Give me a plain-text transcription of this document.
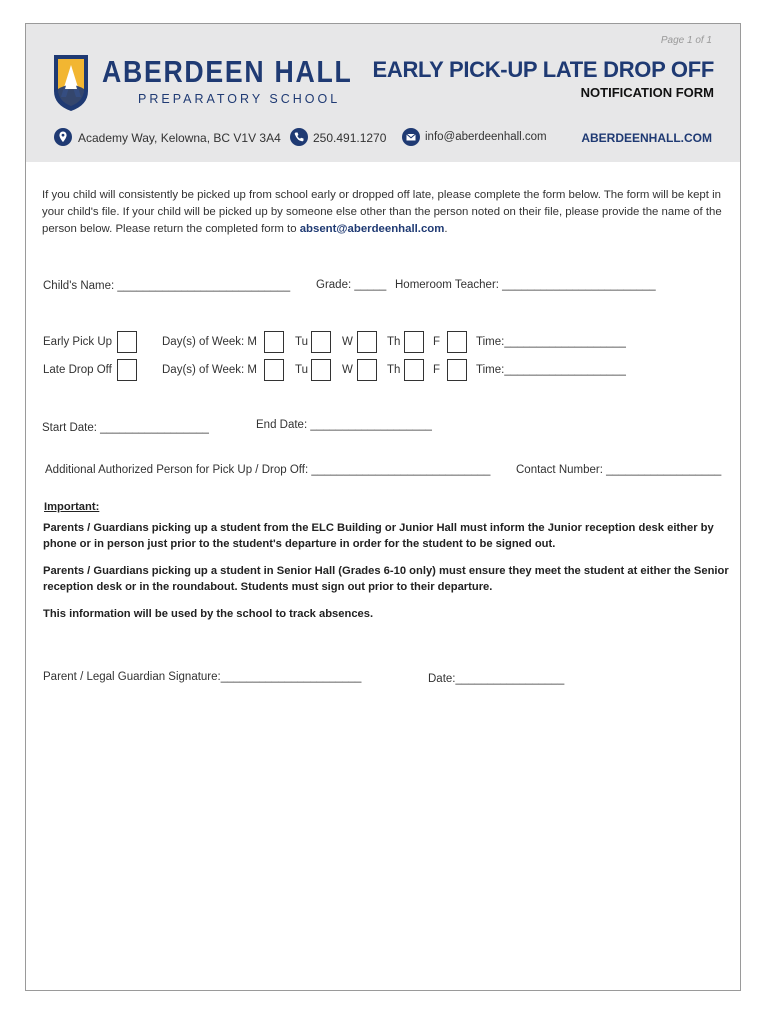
Page 1 of 1
ABERDEEN HALL
PREPARATORY SCHOOL
EARLY PICK-UP LATE DROP OFF
NOTIFICATION FORM
Academy Way, Kelowna, BC V1V 3A4	250.491.1270	info@aberdeenhall.com	ABERDEENHALL.COM
If you child will consistently be picked up from school early or dropped off late, please complete the form below. The form will be kept in your child's file. If your child will be picked up by someone else other than the person noted on their file, please provide the name of the person below. Please return the completed form to absent@aberdeenhall.com.
Child's Name: ___________________________ Grade: _____ Homeroom Teacher: ________________________
Early Pick Up	Day(s) of Week: M	Tu	W	Th	F	Time:___________________
Late Drop Off	Day(s) of Week: M	Tu	W	Th	F	Time:___________________
Start Date: _________________	End Date: ___________________
Additional Authorized Person for Pick Up / Drop Off: ____________________________ Contact Number: __________________
Important:
Parents / Guardians picking up a student from the ELC Building or Junior Hall must inform the Junior reception desk either by phone or in person just prior to the student's departure in order for the student to be signed out.
Parents / Guardians picking up a student in Senior Hall (Grades 6-10 only) must ensure they meet the student at either the Senior reception desk or in the roundabout. Students must sign out prior to their departure.
This information will be used by the school to track absences.
Parent / Legal Guardian Signature:______________________	Date:_________________
